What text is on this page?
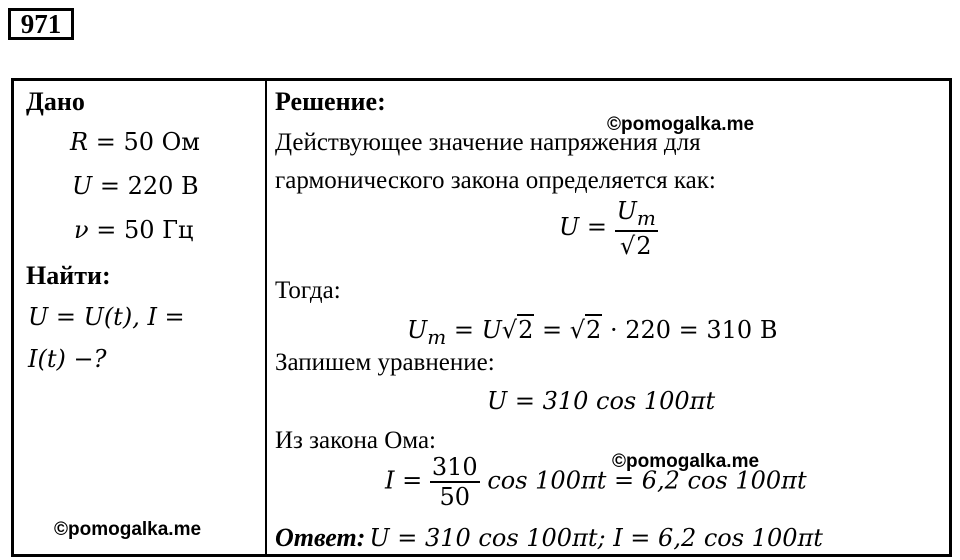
971
Дано
R = 50 Ом
U = 220 В
ν = 50 Гц
Найти:
U = U(t), I =
I(t) −?
©pomogalka.me
Решение:
©pomogalka.me
Действующее значение напряжения для
гармонического закона определяется как:
$U = \frac{U_m}{√2}$
Тогда:
$U_m = U√2 = √2 \cdot 220 = 310$ В
Запишем уравнение:
U = 310 cos 100πt
Из закона Ома:
©pomogalka.me
$I = \frac{310}{50}$ cos 100πt = 6,2 cos 100πt
Ответ: U = 310 cos 100πt; I = 6,2 cos 100πt
